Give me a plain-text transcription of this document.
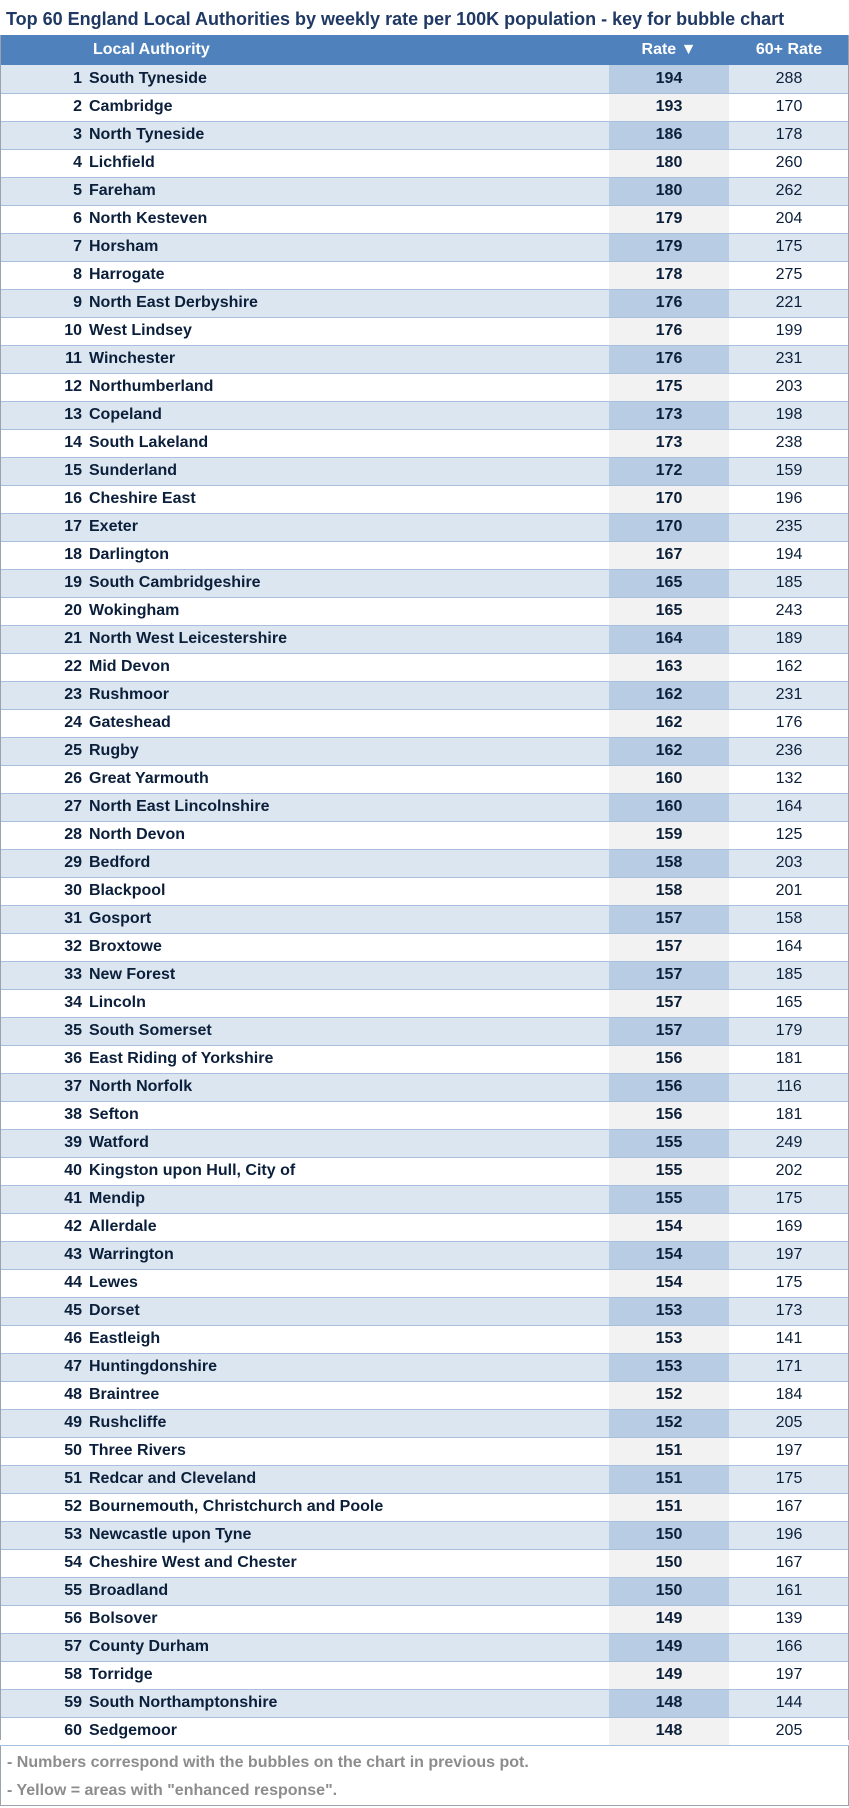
Top 60 England Local Authorities by weekly rate per 100K population - key for bubble chart
	Local Authority	Rate ▼	60+ Rate
1	South Tyneside	194	288
2	Cambridge	193	170
3	North Tyneside	186	178
4	Lichfield	180	260
5	Fareham	180	262
6	North Kesteven	179	204
7	Horsham	179	175
8	Harrogate	178	275
9	North East Derbyshire	176	221
10	West Lindsey	176	199
11	Winchester	176	231
12	Northumberland	175	203
13	Copeland	173	198
14	South Lakeland	173	238
15	Sunderland	172	159
16	Cheshire East	170	196
17	Exeter	170	235
18	Darlington	167	194
19	South Cambridgeshire	165	185
20	Wokingham	165	243
21	North West Leicestershire	164	189
22	Mid Devon	163	162
23	Rushmoor	162	231
24	Gateshead	162	176
25	Rugby	162	236
26	Great Yarmouth	160	132
27	North East Lincolnshire	160	164
28	North Devon	159	125
29	Bedford	158	203
30	Blackpool	158	201
31	Gosport	157	158
32	Broxtowe	157	164
33	New Forest	157	185
34	Lincoln	157	165
35	South Somerset	157	179
36	East Riding of Yorkshire	156	181
37	North Norfolk	156	116
38	Sefton	156	181
39	Watford	155	249
40	Kingston upon Hull, City of	155	202
41	Mendip	155	175
42	Allerdale	154	169
43	Warrington	154	197
44	Lewes	154	175
45	Dorset	153	173
46	Eastleigh	153	141
47	Huntingdonshire	153	171
48	Braintree	152	184
49	Rushcliffe	152	205
50	Three Rivers	151	197
51	Redcar and Cleveland	151	175
52	Bournemouth, Christchurch and Poole	151	167
53	Newcastle upon Tyne	150	196
54	Cheshire West and Chester	150	167
55	Broadland	150	161
56	Bolsover	149	139
57	County Durham	149	166
58	Torridge	149	197
59	South Northamptonshire	148	144
60	Sedgemoor	148	205
- Numbers correspond with the bubbles on the chart in previous pot.
- Yellow = areas with "enhanced response".
